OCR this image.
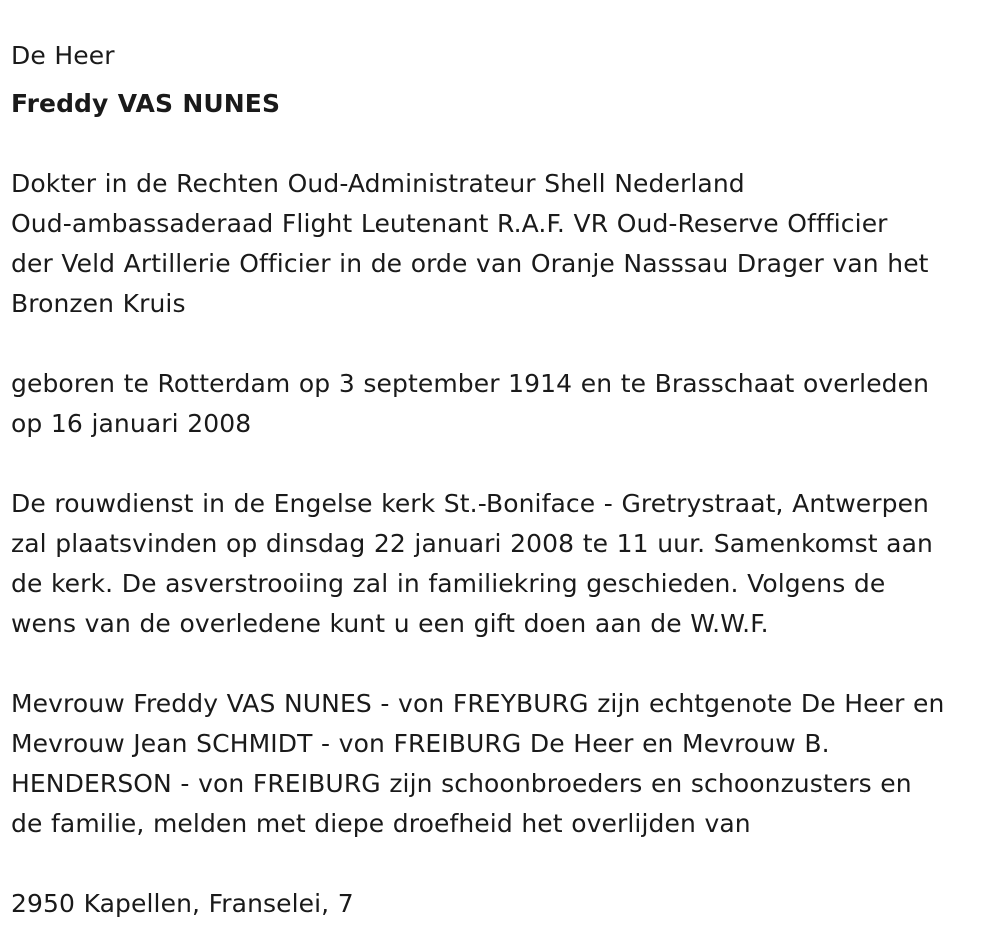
De Heer
Freddy VAS NUNES
Dokter in de Rechten Oud-Administrateur Shell Nederland
Oud-ambassaderaad Flight Leutenant R.A.F. VR Oud-Reserve Offficier
der Veld Artillerie Officier in de orde van Oranje Nasssau Drager van het
Bronzen Kruis
geboren te Rotterdam op 3 september 1914 en te Brasschaat overleden
op 16 januari 2008
De rouwdienst in de Engelse kerk St.-Boniface - Gretrystraat, Antwerpen
zal plaatsvinden op dinsdag 22 januari 2008 te 11 uur. Samenkomst aan
de kerk. De asverstrooiing zal in familiekring geschieden. Volgens de
wens van de overledene kunt u een gift doen aan de W.W.F.
Mevrouw Freddy VAS NUNES - von FREYBURG zijn echtgenote De Heer en
Mevrouw Jean SCHMIDT - von FREIBURG De Heer en Mevrouw B.
HENDERSON - von FREIBURG zijn schoonbroeders en schoonzusters en
de familie, melden met diepe droefheid het overlijden van
2950 Kapellen, Franselei, 7
